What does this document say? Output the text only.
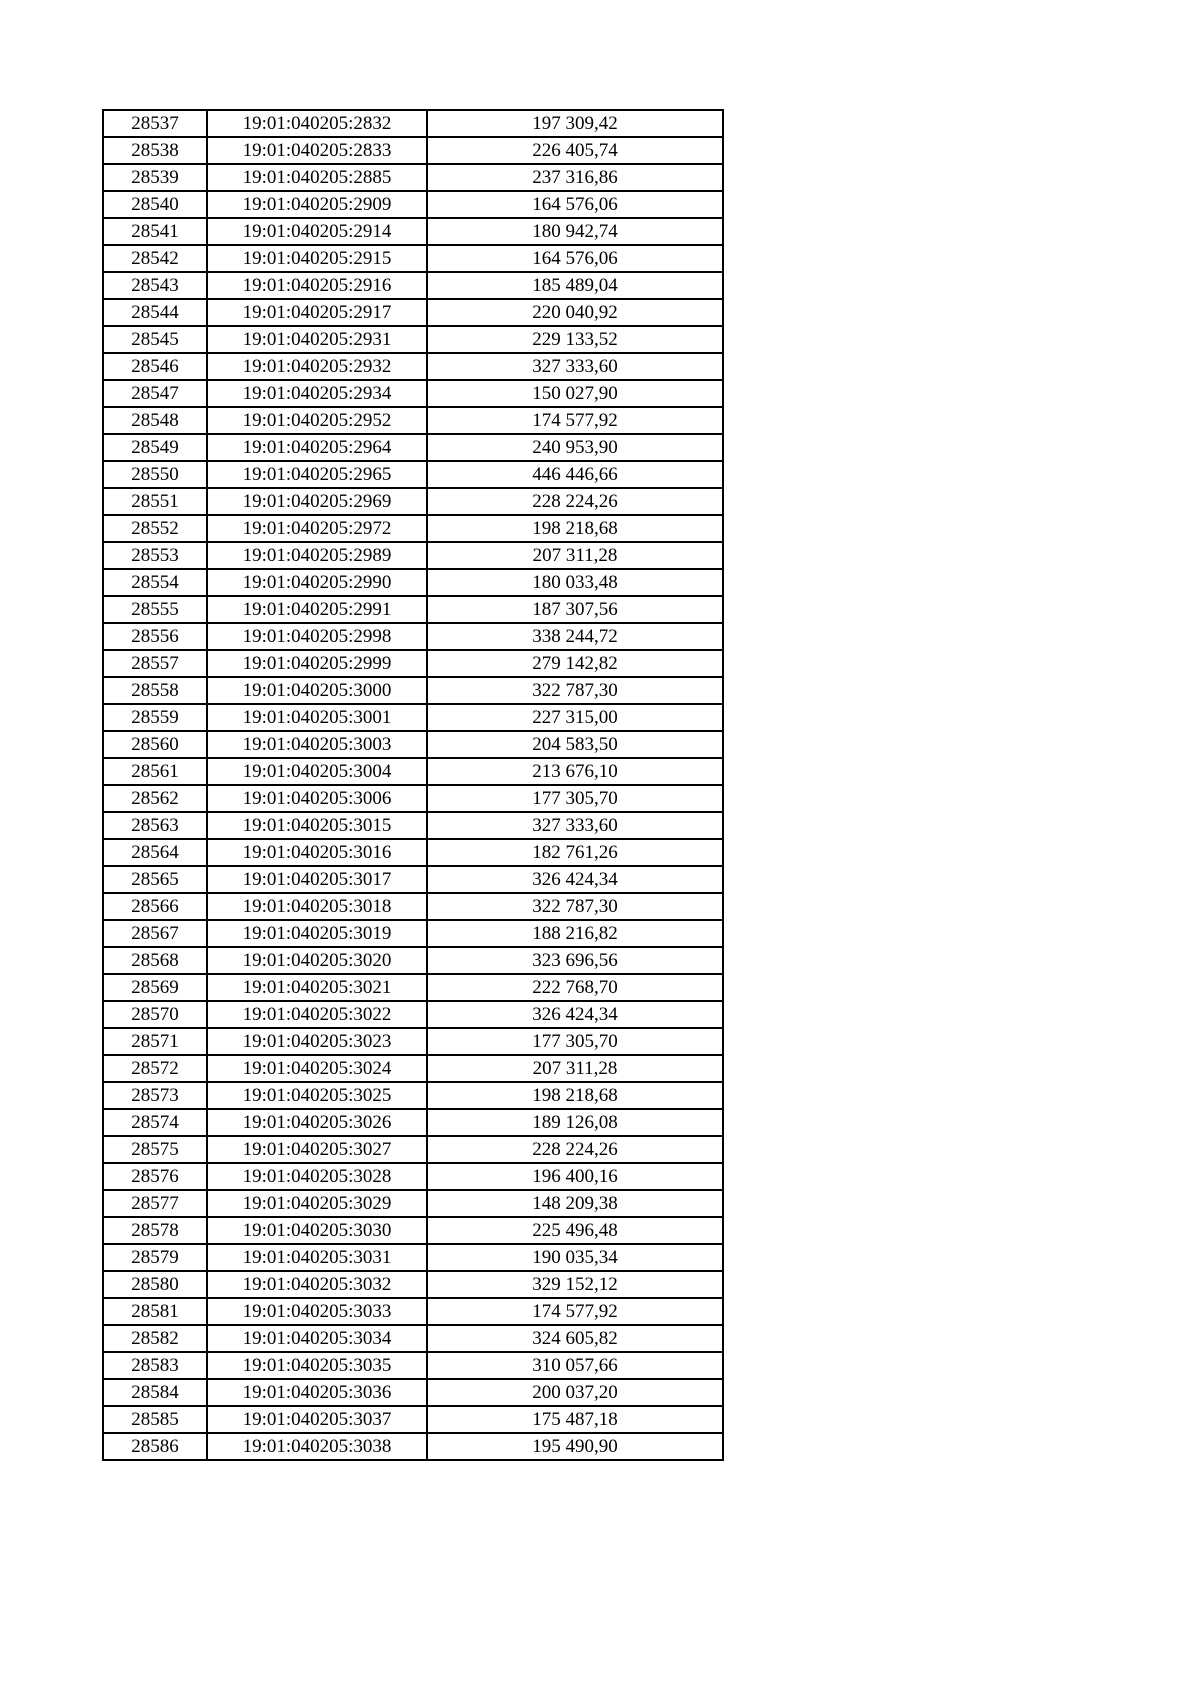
28537	19:01:040205:2832	197 309,42
28538	19:01:040205:2833	226 405,74
28539	19:01:040205:2885	237 316,86
28540	19:01:040205:2909	164 576,06
28541	19:01:040205:2914	180 942,74
28542	19:01:040205:2915	164 576,06
28543	19:01:040205:2916	185 489,04
28544	19:01:040205:2917	220 040,92
28545	19:01:040205:2931	229 133,52
28546	19:01:040205:2932	327 333,60
28547	19:01:040205:2934	150 027,90
28548	19:01:040205:2952	174 577,92
28549	19:01:040205:2964	240 953,90
28550	19:01:040205:2965	446 446,66
28551	19:01:040205:2969	228 224,26
28552	19:01:040205:2972	198 218,68
28553	19:01:040205:2989	207 311,28
28554	19:01:040205:2990	180 033,48
28555	19:01:040205:2991	187 307,56
28556	19:01:040205:2998	338 244,72
28557	19:01:040205:2999	279 142,82
28558	19:01:040205:3000	322 787,30
28559	19:01:040205:3001	227 315,00
28560	19:01:040205:3003	204 583,50
28561	19:01:040205:3004	213 676,10
28562	19:01:040205:3006	177 305,70
28563	19:01:040205:3015	327 333,60
28564	19:01:040205:3016	182 761,26
28565	19:01:040205:3017	326 424,34
28566	19:01:040205:3018	322 787,30
28567	19:01:040205:3019	188 216,82
28568	19:01:040205:3020	323 696,56
28569	19:01:040205:3021	222 768,70
28570	19:01:040205:3022	326 424,34
28571	19:01:040205:3023	177 305,70
28572	19:01:040205:3024	207 311,28
28573	19:01:040205:3025	198 218,68
28574	19:01:040205:3026	189 126,08
28575	19:01:040205:3027	228 224,26
28576	19:01:040205:3028	196 400,16
28577	19:01:040205:3029	148 209,38
28578	19:01:040205:3030	225 496,48
28579	19:01:040205:3031	190 035,34
28580	19:01:040205:3032	329 152,12
28581	19:01:040205:3033	174 577,92
28582	19:01:040205:3034	324 605,82
28583	19:01:040205:3035	310 057,66
28584	19:01:040205:3036	200 037,20
28585	19:01:040205:3037	175 487,18
28586	19:01:040205:3038	195 490,90
